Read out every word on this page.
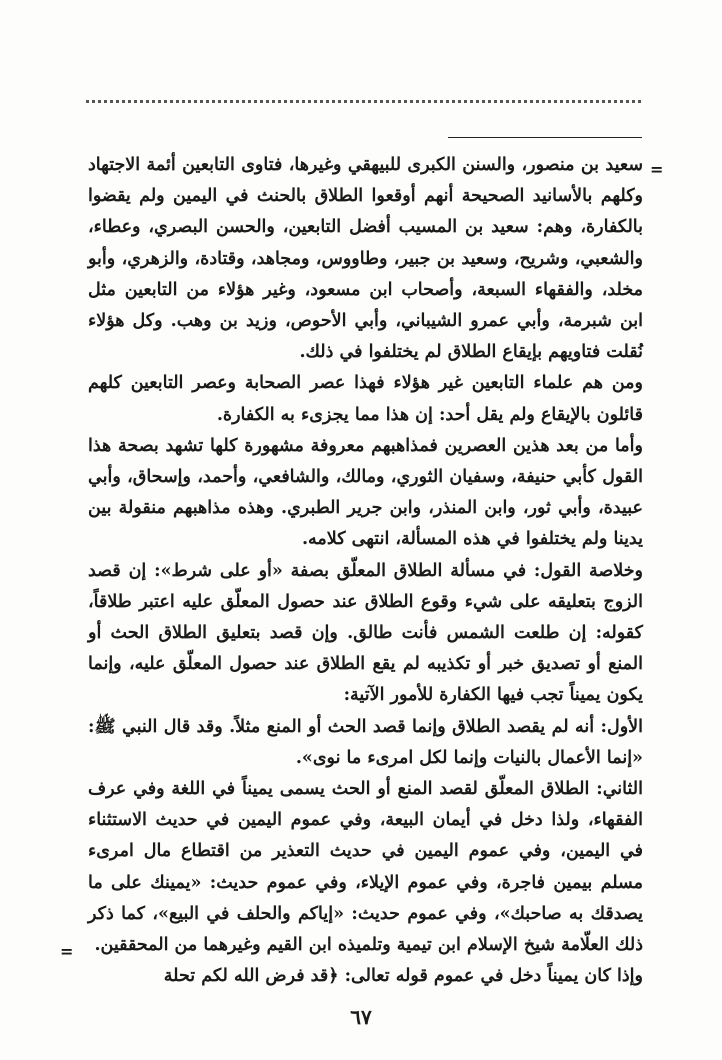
=

سعيد بن منصور، والسنن الكبرى للبيهقي وغيرها، فتاوى التابعين أئمة الاجتهاد وكلهم بالأسانيد الصحيحة أنهم أوقعوا الطلاق بالحنث في اليمين ولم يقضوا بالكفارة، وهم: سعيد بن المسيب أفضل التابعين، والحسن البصري، وعطاء، والشعبي، وشريح، وسعيد بن جبير، وطاووس، ومجاهد، وقتادة، والزهري، وأبو مخلد، والفقهاء السبعة، وأصحاب ابن مسعود، وغير هؤلاء من التابعين مثل ابن شبرمة، وأبي عمرو الشيباني، وأبي الأحوص، وزيد بن وهب. وكل هؤلاء نُقلت فتاويهم بإيقاع الطلاق لم يختلفوا في ذلك.

ومن هم علماء التابعين غير هؤلاء فهذا عصر الصحابة وعصر التابعين كلهم قائلون بالإيقاع ولم يقل أحد: إن هذا مما يجزىء به الكفارة.

وأما من بعد هذين العصرين فمذاهبهم معروفة مشهورة كلها تشهد بصحة هذا القول كأبي حنيفة، وسفيان الثوري، ومالك، والشافعي، وأحمد، وإسحاق، وأبي عبيدة، وأبي ثور، وابن المنذر، وابن جرير الطبري. وهذه مذاهبهم منقولة بين يدينا ولم يختلفوا في هذه المسألة، انتهى كلامه.

وخلاصة القول: في مسألة الطلاق المعلّق بصفة «أو على شرط»: إن قصد الزوج بتعليقه على شيء وقوع الطلاق عند حصول المعلّق عليه اعتبر طلاقاً، كقوله: إن طلعت الشمس فأنت طالق. وإن قصد بتعليق الطلاق الحث أو المنع أو تصديق خبر أو تكذيبه لم يقع الطلاق عند حصول المعلّق عليه، وإنما يكون يميناً تجب فيها الكفارة للأمور الآتية:

الأول: أنه لم يقصد الطلاق وإنما قصد الحث أو المنع مثلاً. وقد قال النبي ﷺ: «إنما الأعمال بالنيات وإنما لكل امرىء ما نوى».

الثاني: الطلاق المعلّق لقصد المنع أو الحث يسمى يميناً في اللغة وفي عرف الفقهاء، ولذا دخل في أيمان البيعة، وفي عموم اليمين في حديث الاستثناء في اليمين، وفي عموم اليمين في حديث التعذير من اقتطاع مال امرىء مسلم بيمين فاجرة، وفي عموم الإيلاء، وفي عموم حديث: «يمينك على ما يصدقك به صاحبك»، وفي عموم حديث: «إياكم والحلف في البيع»، كما ذكر ذلك العلّامة شيخ الإسلام ابن تيمية وتلميذه ابن القيم وغيرهما من المحققين.

وإذا كان يميناً دخل في عموم قوله تعالى: ﴿قد فرض الله لكم تحلة

=
٦٧
